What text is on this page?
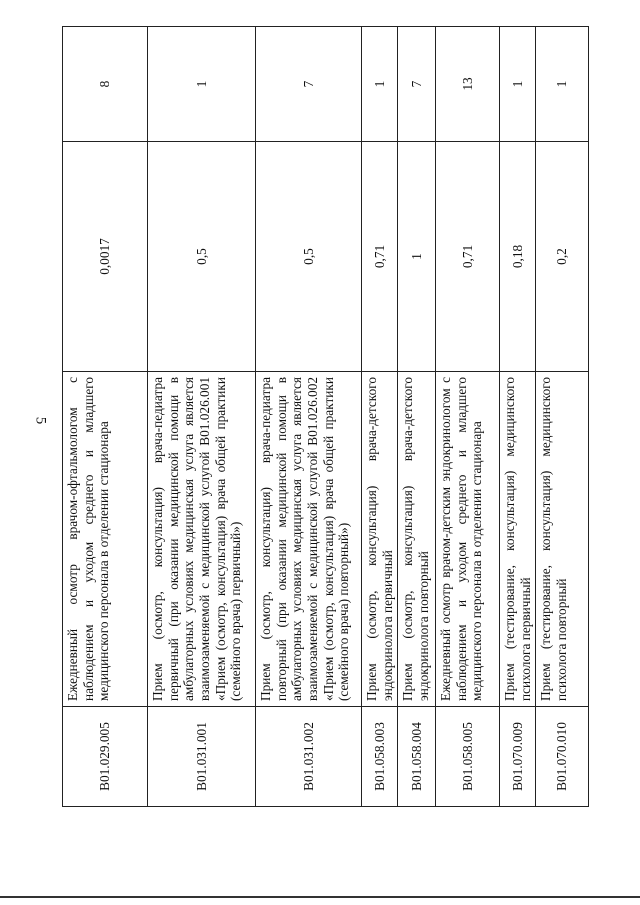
5
B01.029.005
Ежедневный осмотр врачом-офтальмологом с наблюдением и уходом среднего и младшего медицинского персонала в отделении стационара
0,0017
8
B01.031.001
Прием (осмотр, консультация) врача-педиатра первичный (при оказании медицинской помощи в амбулаторных условиях медицинская услуга является взаимозаменяемой с медицинской услугой B01.026.001 «Прием (осмотр, консультация) врача общей практики (семейного врача) первичный»)
0,5
1
B01.031.002
Прием (осмотр, консультация) врача-педиатра повторный (при оказании медицинской помощи в амбулаторных условиях медицинская услуга является взаимозаменяемой с медицинской услугой B01.026.002 «Прием (осмотр, консультация) врача общей практики (семейного врача) повторный»)
0,5
7
B01.058.003
Прием (осмотр, консультация) врача-детского эндокринолога первичный
0,71
1
B01.058.004
Прием (осмотр, консультация) врача-детского эндокринолога повторный
1
7
B01.058.005
Ежедневный осмотр врачом-детским эндокринологом с наблюдением и уходом среднего и младшего медицинского персонала в отделении стационара
0,71
13
B01.070.009
Прием (тестирование, консультация) медицинского психолога первичный
0,18
1
B01.070.010
Прием (тестирование, консультация) медицинского психолога повторный
0,2
1
